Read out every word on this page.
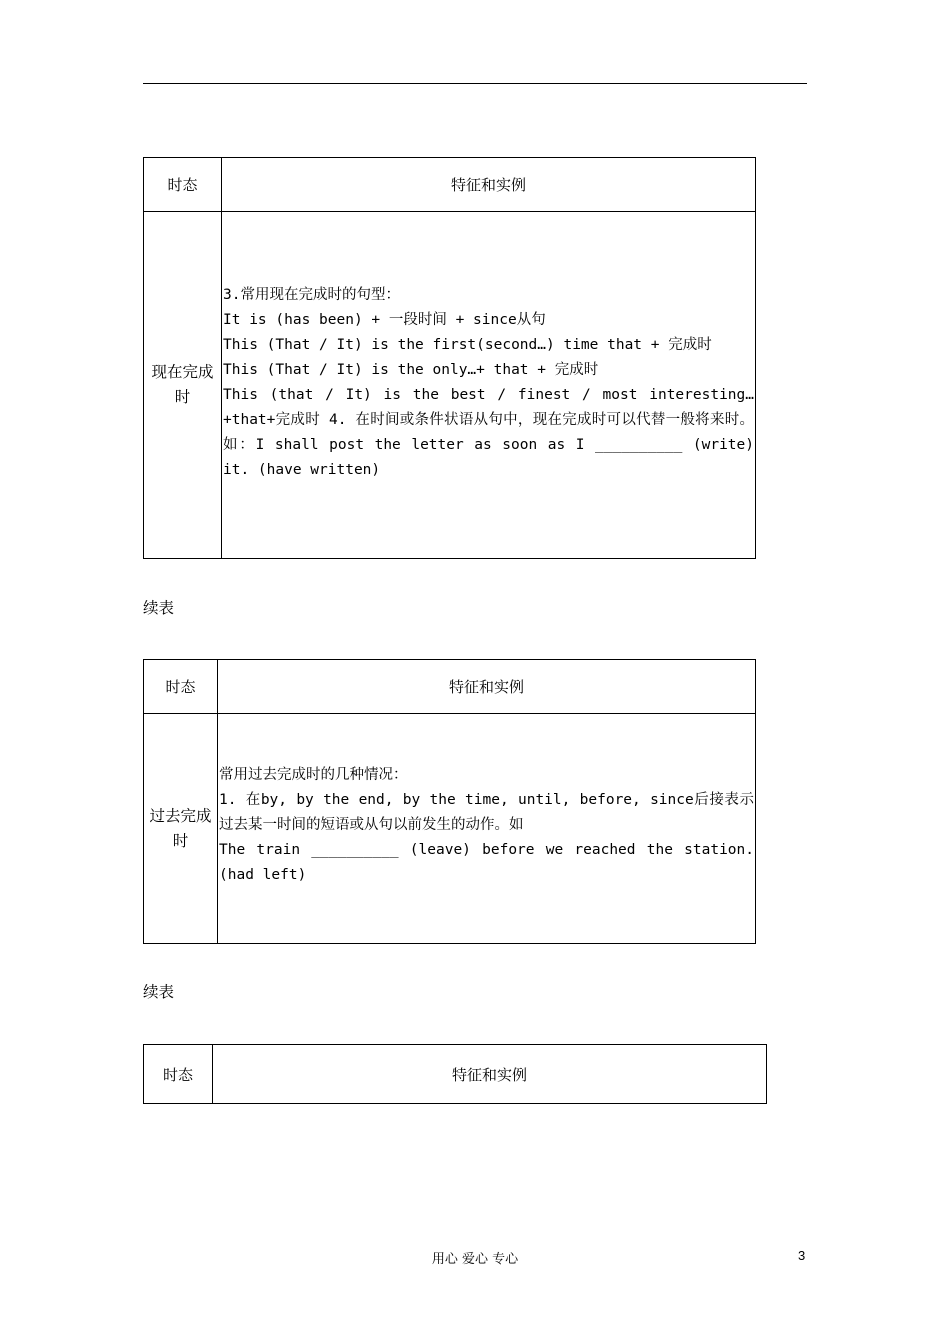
时态	特征和实例

现在完成时	3.常用现在完成时的句型：
It is (has been) + 一段时间 + since从句
This (That / It) is the first(second…) time that + 完成时
This (That / It) is the only…+ that + 完成时
This (that / It) is the best / finest / most interesting…+that+完成时 4. 在时间或条件状语从句中，现在完成时可以代替一般将来时。如：I shall post the letter as soon as I __________ (write) it. (have written)
续表
时态	特征和实例

过去完成时	常用过去完成时的几种情况：
1. 在by, by the end, by the time, until, before, since后接表示过去某一时间的短语或从句以前发生的动作。如
The train __________ (leave) before we reached the station. (had left)
续表
时态	特征和实例
用心 爱心 专心	3
